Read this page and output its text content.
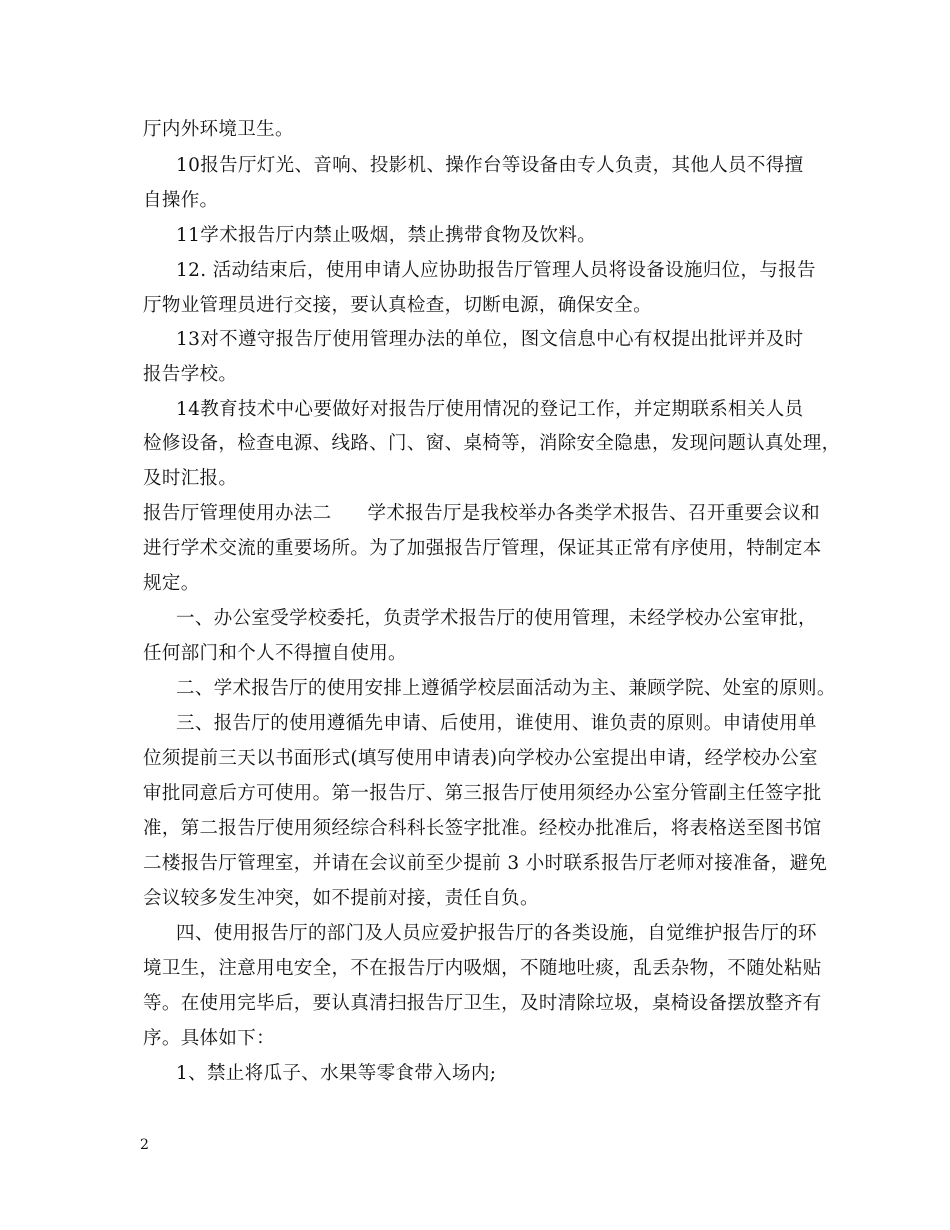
厅内外环境卫生。
10报告厅灯光、音响、投影机、操作台等设备由专人负责，其他人员不得擅
自操作。
11学术报告厅内禁止吸烟，禁止携带食物及饮料。
12. 活动结束后，使用申请人应协助报告厅管理人员将设备设施归位，与报告
厅物业管理员进行交接，要认真检查，切断电源，确保安全。
13对不遵守报告厅使用管理办法的单位，图文信息中心有权提出批评并及时
报告学校。
14教育技术中心要做好对报告厅使用情况的登记工作，并定期联系相关人员
检修设备，检查电源、线路、门、窗、桌椅等，消除安全隐患，发现问题认真处理，
及时汇报。
报告厅管理使用办法二 学术报告厅是我校举办各类学术报告、召开重要会议和
进行学术交流的重要场所。为了加强报告厅管理，保证其正常有序使用，特制定本
规定。
一、办公室受学校委托，负责学术报告厅的使用管理，未经学校办公室审批，
任何部门和个人不得擅自使用。
二、学术报告厅的使用安排上遵循学校层面活动为主、兼顾学院、处室的原则。
三、报告厅的使用遵循先申请、后使用，谁使用、谁负责的原则。申请使用单
位须提前三天以书面形式(填写使用申请表)向学校办公室提出申请，经学校办公室
审批同意后方可使用。第一报告厅、第三报告厅使用须经办公室分管副主任签字批
准，第二报告厅使用须经综合科科长签字批准。经校办批准后，将表格送至图书馆
二楼报告厅管理室，并请在会议前至少提前 3 小时联系报告厅老师对接准备，避免
会议较多发生冲突，如不提前对接，责任自负。
四、使用报告厅的部门及人员应爱护报告厅的各类设施，自觉维护报告厅的环
境卫生，注意用电安全，不在报告厅内吸烟，不随地吐痰，乱丢杂物，不随处粘贴
等。在使用完毕后，要认真清扫报告厅卫生，及时清除垃圾，桌椅设备摆放整齐有
序。具体如下：
1、禁止将瓜子、水果等零食带入场内;
2
